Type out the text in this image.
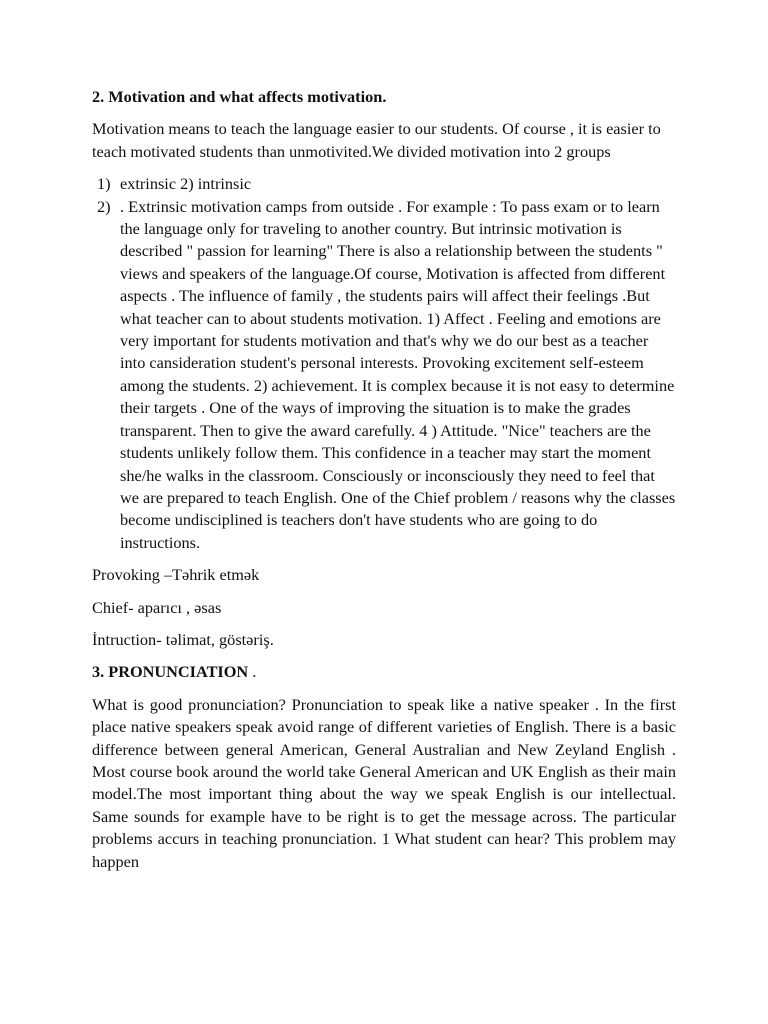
2. Motivation and what affects motivation.
Motivation means to teach the language easier to our students. Of course , it is easier to teach motivated students than unmotivited.We divided motivation into 2 groups
1) extrinsic 2) intrinsic
2) . Extrinsic motivation camps from outside . For example : To pass exam or to learn the language only for traveling to another country. But intrinsic motivation is described " passion for learning" There is also a relationship between the students " views and speakers of the language.Of course, Motivation is affected from different aspects . The influence of family , the students pairs will affect their feelings .But what teacher can to about students motivation. 1) Affect . Feeling and emotions are very important for students motivation and that's why we do our best as a teacher into cansideration student's personal interests. Provoking excitement self-esteem among the students. 2) achievement. It is complex because it is not easy to determine their targets . One of the ways of improving the situation is to make the grades transparent. Then to give the award carefully. 4 ) Attitude. "Nice" teachers are the students unlikely follow them. This confidence in a teacher may start the moment she/he walks in the classroom. Consciously or inconsciously they need to feel that we are prepared to teach English. One of the Chief problem / reasons why the classes become undisciplined is teachers don't have students who are going to do instructions.
Provoking –Təhrik etmək
Chief- aparıcı , əsas
İntruction- təlimat, göstəriş.
3. PRONUNCIATION .
What is good pronunciation? Pronunciation to speak like a native speaker . In the first place native speakers speak avoid range of different varieties of English. There is a basic difference between general American, General Australian and New Zeyland English . Most course book around the world take General American and UK English as their main model.The most important thing about the way we speak English is our intellectual. Same sounds for example have to be right is to get the message across. The particular problems accurs in teaching pronunciation. 1 What student can hear? This problem may happen
